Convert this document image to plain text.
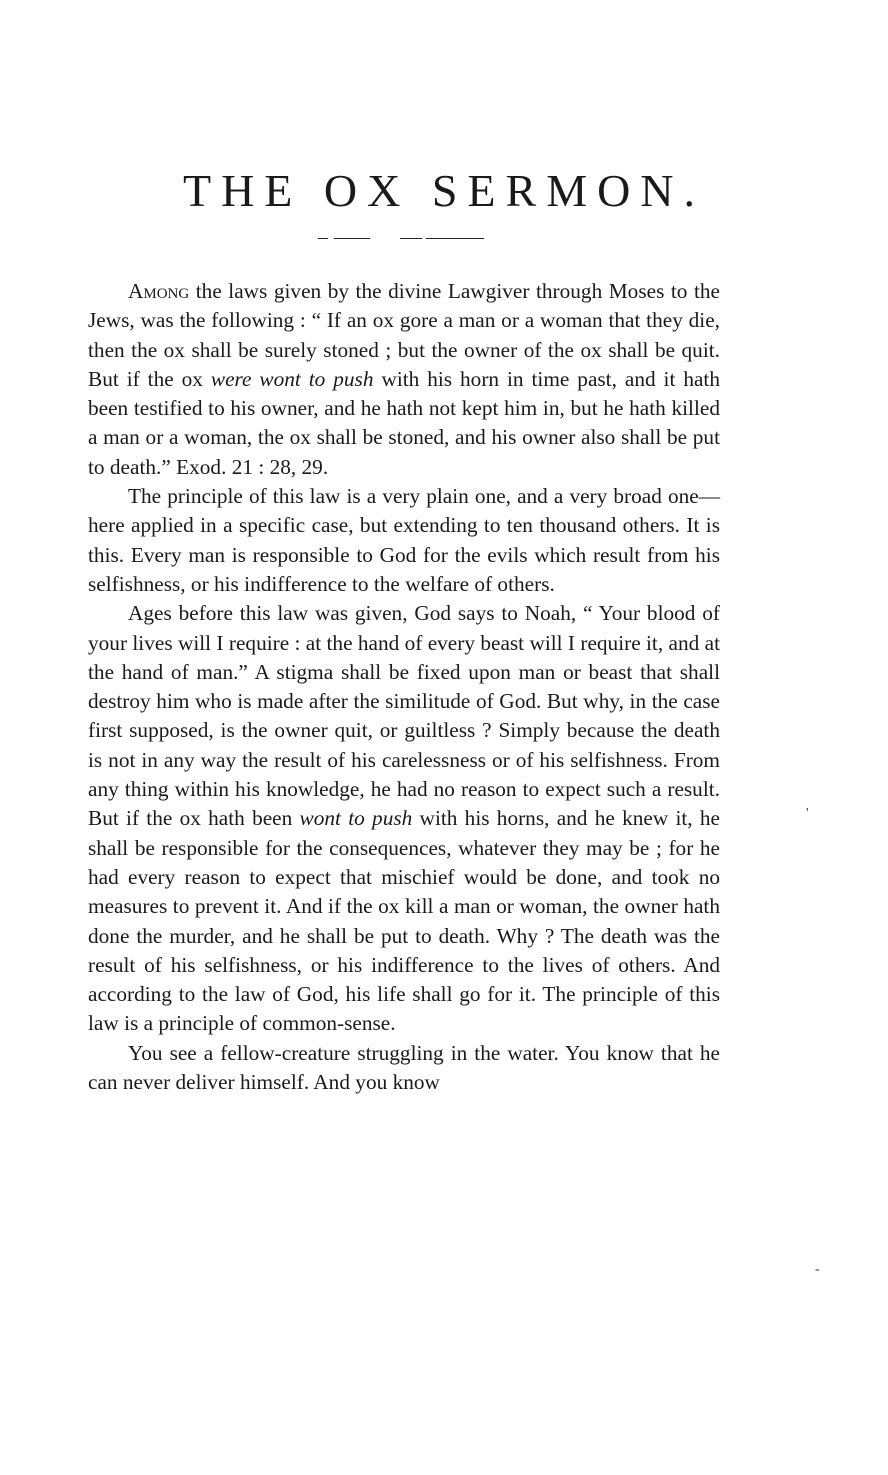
THE OX SERMON.

Among the laws given by the divine Lawgiver through Moses to the Jews, was the following : “ If an ox gore a man or a woman that they die, then the ox shall be surely stoned ; but the owner of the ox shall be quit. But if the ox were wont to push with his horn in time past, and it hath been testified to his owner, and he hath not kept him in, but he hath killed a man or a woman, the ox shall be stoned, and his owner also shall be put to death.” Exod. 21 : 28, 29.

The principle of this law is a very plain one, and a very broad one— here applied in a specific case, but extending to ten thousand others. It is this. Every man is responsible to God for the evils which result from his selfishness, or his indifference to the welfare of others.

Ages before this law was given, God says to Noah, “ Your blood of your lives will I require : at the hand of every beast will I require it, and at the hand of man.” A stigma shall be fixed upon man or beast that shall destroy him who is made after the similitude of God. But why, in the case first supposed, is the owner quit, or guiltless ? Simply because the death is not in any way the result of his carelessness or of his selfishness. From any thing within his knowledge, he had no reason to expect such a result. But if the ox hath been wont to push with his horns, and he knew it, he shall be responsible for the consequences, whatever they may be ; for he had every reason to expect that mischief would be done, and took no measures to prevent it. And if the ox kill a man or woman, the owner hath done the murder, and he shall be put to death. Why ? The death was the result of his selfishness, or his indifference to the lives of others. And according to the law of God, his life shall go for it. The principle of this law is a principle of common-sense.

You see a fellow-creature struggling in the water. You know that he can never deliver himself. And you know

'
-
